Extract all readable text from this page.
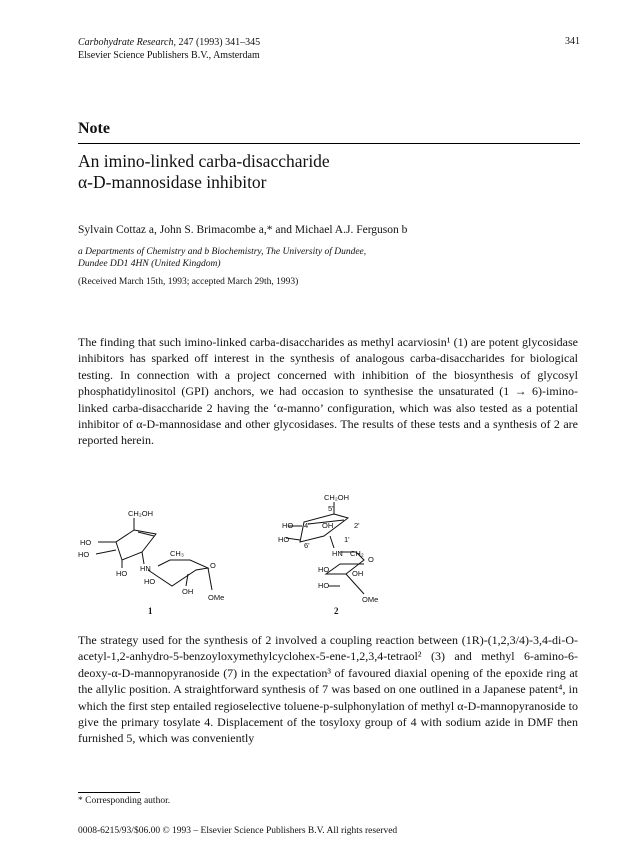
Carbohydrate Research, 247 (1993) 341–345
Elsevier Science Publishers B.V., Amsterdam
341
Note
An imino-linked carba-disaccharide
α-D-mannosidase inhibitor
Sylvain Cottaz a, John S. Brimacombe a,* and Michael A.J. Ferguson b
a Departments of Chemistry and b Biochemistry, The University of Dundee,
Dundee DD1 4HN (United Kingdom)
(Received March 15th, 1993; accepted March 29th, 1993)
The finding that such imino-linked carba-disaccharides as methyl acarviosin¹ (1) are potent glycosidase inhibitors has sparked off interest in the synthesis of analogous carba-disaccharides for biological testing. In connection with a project concerned with inhibition of the biosynthesis of glycosyl phosphatidylinositol (GPI) anchors, we had occasion to synthesise the unsaturated (1 → 6)-imino-linked carba-disaccharide 2 having the ‘α-manno’ configuration, which was also tested as a potential inhibitor of α-D-mannosidase and other glycosidases. The results of these tests and a synthesis of 2 are reported herein.
CH₂OH
HO
HO
HO
CH₃
HN
HO
O
OH
OMe
1
CH₂OH
5'
HO 4' OH	2'
HO
6'
1'
HN CH₂
O
HO	OH
HO
OMe
2
The strategy used for the synthesis of 2 involved a coupling reaction between (1R)-(1,2,3/4)-3,4-di-O-acetyl-1,2-anhydro-5-benzoyloxymethylcyclohex-5-ene-1,2,3,4-tetraol² (3) and methyl 6-amino-6-deoxy-α-D-mannopyranoside (7) in the expectation³ of favoured diaxial opening of the epoxide ring at the allylic position. A straightforward synthesis of 7 was based on one outlined in a Japanese patent⁴, in which the first step entailed regioselective toluene-p-sulphonylation of methyl α-D-mannopyranoside to give the primary tosylate 4. Displacement of the tosyloxy group of 4 with sodium azide in DMF then furnished 5, which was conveniently
* Corresponding author.
0008-6215/93/$06.00 © 1993 – Elsevier Science Publishers B.V. All rights reserved
